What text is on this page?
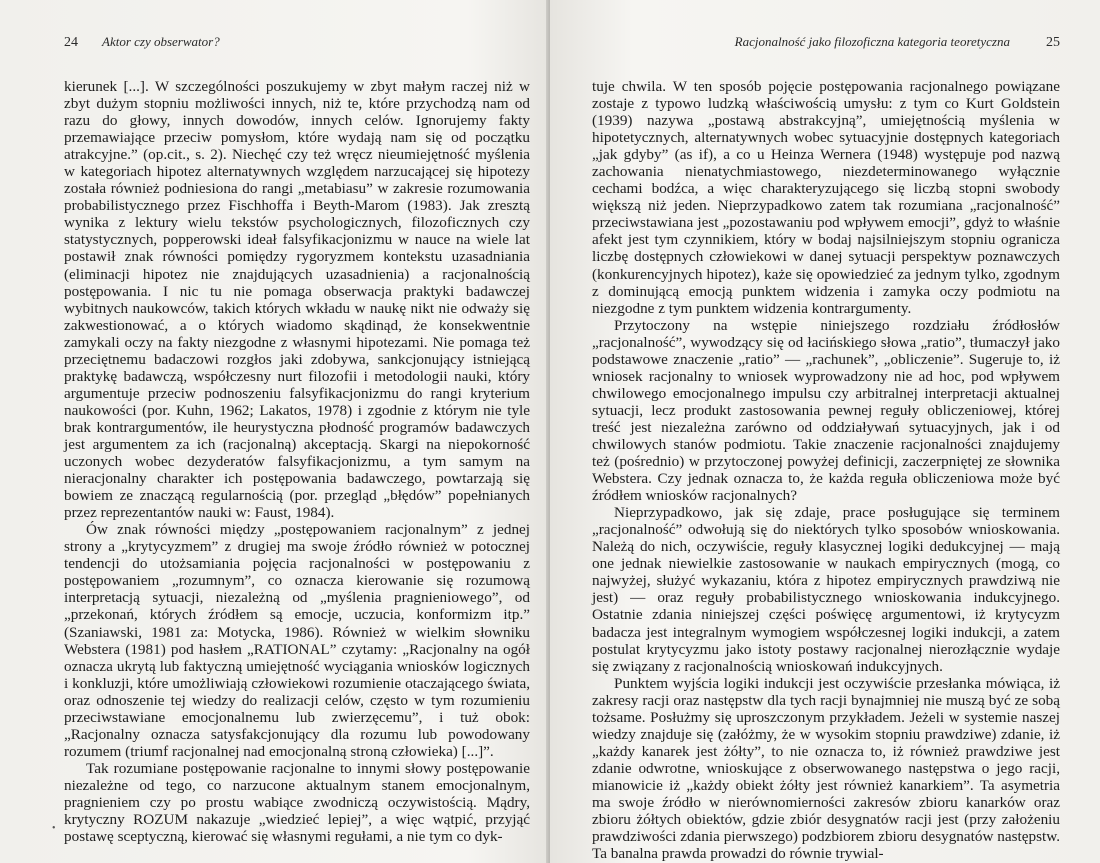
24 Aktor czy obserwator?

kierunek [...]. W szczególności poszukujemy w zbyt małym raczej niż w zbyt dużym stopniu możliwości innych, niż te, które przychodzą nam od razu do głowy, innych dowodów, innych celów. Ignorujemy fakty przemawiające przeciw pomysłom, które wydają nam się od początku atrakcyjne.” (op.cit., s. 2). Niechęć czy też wręcz nieumiejętność myślenia w kategoriach hipotez alternatywnych względem narzucającej się hipotezy została również podniesiona do rangi „metabiasu” w zakresie rozumowania probabilistycznego przez Fischhoffa i Beyth-Marom (1983). Jak zresztą wynika z lektury wielu tekstów psychologicznych, filozoficznych czy statystycznych, popperowski ideał falsyfikacjonizmu w nauce na wiele lat postawił znak równości pomiędzy rygoryzmem kontekstu uzasadniania (eliminacji hipotez nie znajdujących uzasadnienia) a racjonalnością postępowania. I nic tu nie pomaga obserwacja praktyki badawczej wybitnych naukowców, takich których wkładu w naukę nikt nie odważy się zakwestionować, a o których wiadomo skądinąd, że konsekwentnie zamykali oczy na fakty niezgodne z własnymi hipotezami. Nie pomaga też przeciętnemu badaczowi rozgłos jaki zdobywa, sankcjonujący istniejącą praktykę badawczą, współczesny nurt filozofii i metodologii nauki, który argumentuje przeciw podnoszeniu falsyfikacjonizmu do rangi kryterium naukowości (por. Kuhn, 1962; Lakatos, 1978) i zgodnie z którym nie tyle brak kontrargumentów, ile heurystyczna płodność programów badawczych jest argumentem za ich (racjonalną) akceptacją. Skargi na niepokorność uczonych wobec dezyderatów falsyfikacjonizmu, a tym samym na nieracjonalny charakter ich postępowania badawczego, powtarzają się bowiem ze znaczącą regularnością (por. przegląd „błędów” popełnianych przez reprezentantów nauki w: Faust, 1984).

Ów znak równości między „postępowaniem racjonalnym” z jednej strony a „krytycyzmem” z drugiej ma swoje źródło również w potocznej tendencji do utożsamiania pojęcia racjonalności w postępowaniu z postępowaniem „rozumnym”, co oznacza kierowanie się rozumową interpretacją sytuacji, niezależną od „myślenia pragnieniowego”, od „przekonań, których źródłem są emocje, uczucia, konformizm itp.” (Szaniawski, 1981 za: Motycka, 1986). Również w wielkim słowniku Webstera (1981) pod hasłem „RATIONAL” czytamy: „Racjonalny na ogół oznacza ukrytą lub faktyczną umiejętność wyciągania wniosków logicznych i konkluzji, które umożliwiają człowiekowi rozumienie otaczającego świata, oraz odnoszenie tej wiedzy do realizacji celów, często w tym rozumieniu przeciwstawiane emocjonalnemu lub zwierzęcemu”, i tuż obok: „Racjonalny oznacza satysfakcjonujący dla rozumu lub powodowany rozumem (triumf racjonalnej nad emocjonalną stroną człowieka) [...]”.

Tak rozumiane postępowanie racjonalne to innymi słowy postępowanie niezależne od tego, co narzucone aktualnym stanem emocjonalnym, pragnieniem czy po prostu wabiące zwodniczą oczywistością. Mądry, krytyczny ROZUM nakazuje „wiedzieć lepiej”, a więc wątpić, przyjąć postawę sceptyczną, kierować się własnymi regułami, a nie tym co dyk-

•
Racjonalność jako filozoficzna kategoria teoretyczna	25

tuje chwila. W ten sposób pojęcie postępowania racjonalnego powiązane zostaje z typowo ludzką właściwością umysłu: z tym co Kurt Goldstein (1939) nazywa „postawą abstrakcyjną”, umiejętnością myślenia w hipotetycznych, alternatywnych wobec sytuacyjnie dostępnych kategoriach „jak gdyby” (as if), a co u Heinza Wernera (1948) występuje pod nazwą zachowania nienatychmiastowego, niezdeterminowanego wyłącznie cechami bodźca, a więc charakteryzującego się liczbą stopni swobody większą niż jeden. Nieprzypadkowo zatem tak rozumiana „racjonalność” przeciwstawiana jest „pozostawaniu pod wpływem emocji”, gdyż to właśnie afekt jest tym czynnikiem, który w bodaj najsilniejszym stopniu ogranicza liczbę dostępnych człowiekowi w danej sytuacji perspektyw poznawczych (konkurencyjnych hipotez), każe się opowiedzieć za jednym tylko, zgodnym z dominującą emocją punktem widzenia i zamyka oczy podmiotu na niezgodne z tym punktem widzenia kontrargumenty.

Przytoczony na wstępie niniejszego rozdziału źródłosłów „racjonalność”, wywodzący się od łacińskiego słowa „ratio”, tłumaczył jako podstawowe znaczenie „ratio” — „rachunek”, „obliczenie”. Sugeruje to, iż wniosek racjonalny to wniosek wyprowadzony nie ad hoc, pod wpływem chwilowego emocjonalnego impulsu czy arbitralnej interpretacji aktualnej sytuacji, lecz produkt zastosowania pewnej reguły obliczeniowej, której treść jest niezależna zarówno od oddziaływań sytuacyjnych, jak i od chwilowych stanów podmiotu. Takie znaczenie racjonalności znajdujemy też (pośrednio) w przytoczonej powyżej definicji, zaczerpniętej ze słownika Webstera. Czy jednak oznacza to, że każda reguła obliczeniowa może być źródłem wniosków racjonalnych?

Nieprzypadkowo, jak się zdaje, prace posługujące się terminem „racjonalność” odwołują się do niektórych tylko sposobów wnioskowania. Należą do nich, oczywiście, reguły klasycznej logiki dedukcyjnej — mają one jednak niewielkie zastosowanie w naukach empirycznych (mogą, co najwyżej, służyć wykazaniu, która z hipotez empirycznych prawdziwą nie jest) — oraz reguły probabilistycznego wnioskowania indukcyjnego. Ostatnie zdania niniejszej części poświęcę argumentowi, iż krytycyzm badacza jest integralnym wymogiem współczesnej logiki indukcji, a zatem postulat krytycyzmu jako istoty postawy racjonalnej nierozłącznie wydaje się związany z racjonalnością wnioskowań indukcyjnych.

Punktem wyjścia logiki indukcji jest oczywiście przesłanka mówiąca, iż zakresy racji oraz następstw dla tych racji bynajmniej nie muszą być ze sobą tożsame. Posłużmy się uproszczonym przykładem. Jeżeli w systemie naszej wiedzy znajduje się (załóżmy, że w wysokim stopniu prawdziwe) zdanie, iż „każdy kanarek jest żółty”, to nie oznacza to, iż również prawdziwe jest zdanie odwrotne, wnioskujące z obserwowanego następstwa o jego racji, mianowicie iż „każdy obiekt żółty jest również kanarkiem”. Ta asymetria ma swoje źródło w nierównomierności zakresów zbioru kanarków oraz zbioru żółtych obiektów, gdzie zbiór desygnatów racji jest (przy założeniu prawdziwości zdania pierwszego) podzbiorem zbioru desygnatów następstw. Ta banalna prawda prowadzi do równie trywial-
